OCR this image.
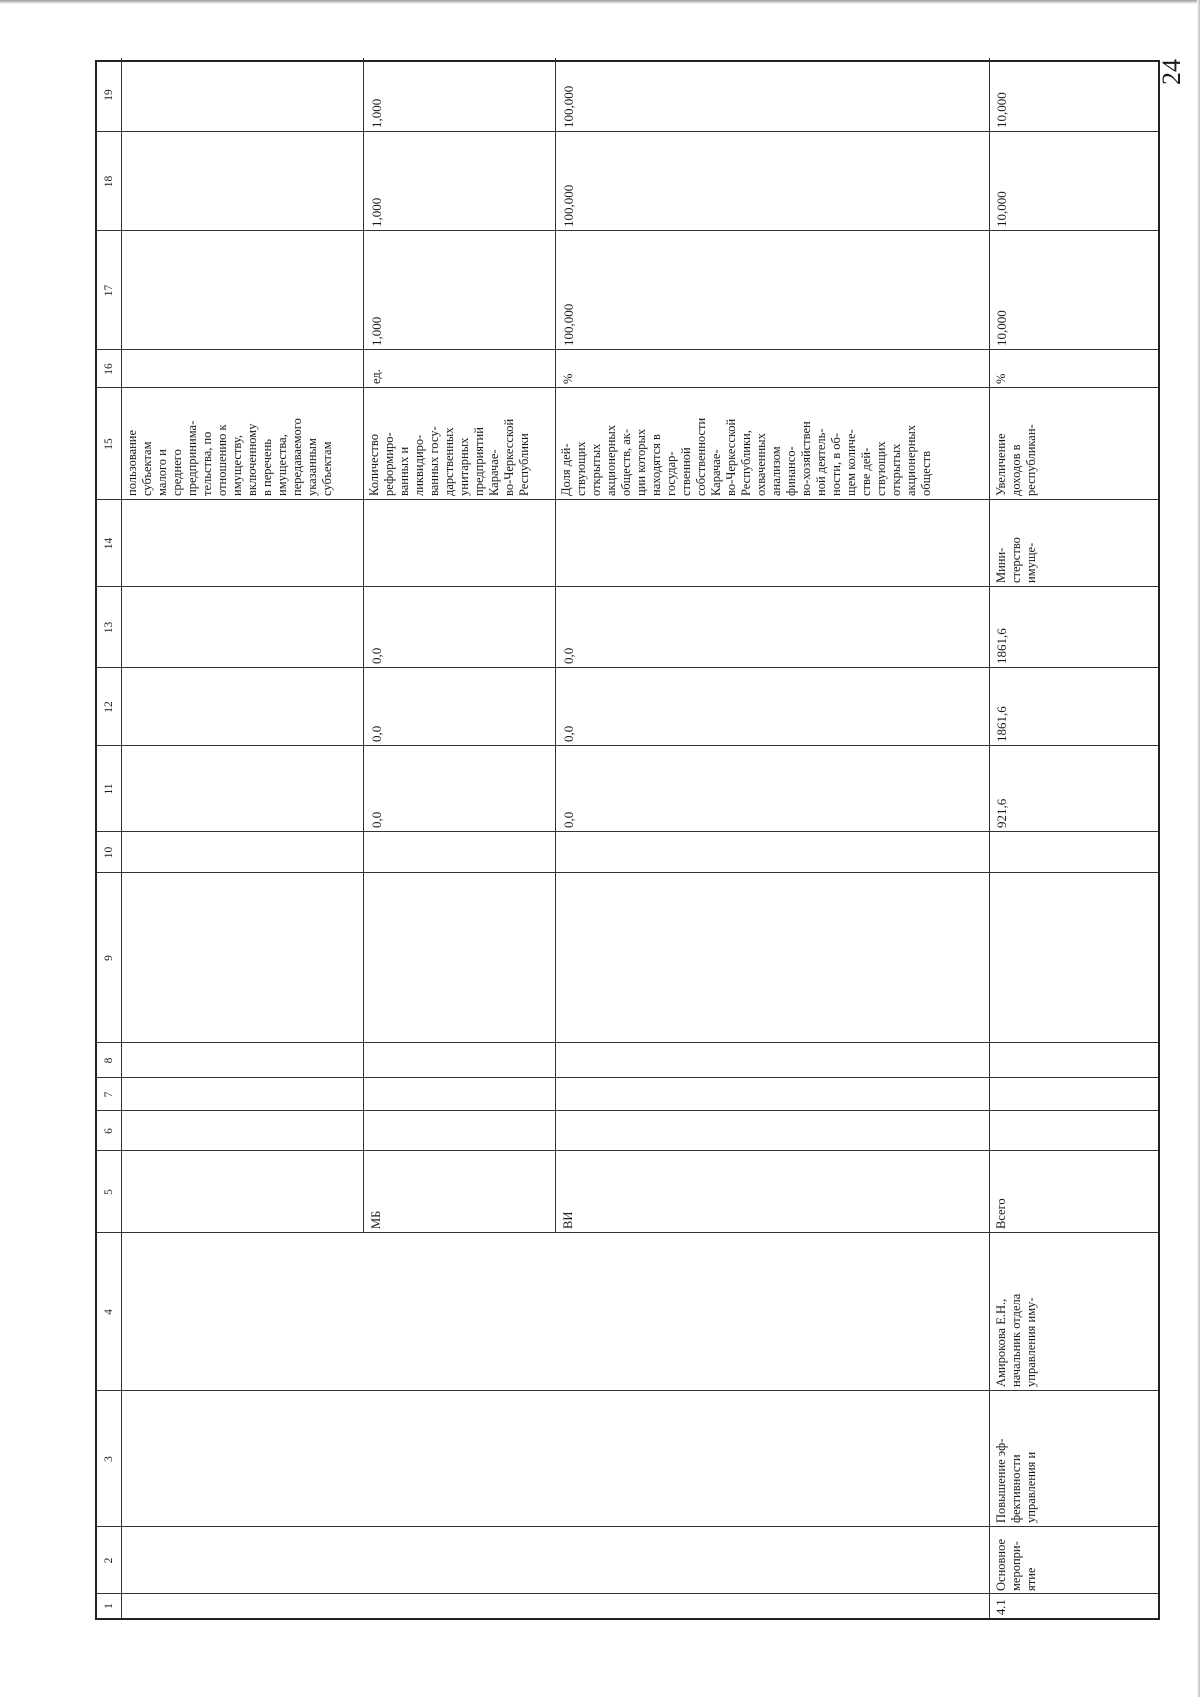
24
1
2
3
4
5
6
7
8
9
10
11
12
13
14
15
16
17
18
19
пользование
субъектам
малого и
среднего
предпринима-
тельства, по
отношению к
имуществу,
включенному
в перечень
имущества,
передаваемого
указанным
субъектам
МБ
0,0
0,0
0,0
Количество
реформиро-
ванных и
ликвидиро-
ванных госу-
дарственных
унитарных
предприятий
Карачае-
во-Черкесской
Республики
ед.
1,000
1,000
1,000
ВИ
0,0
0,0
0,0
Доля дей-
ствующих
открытых
акционерных
обществ, ак-
ции которых
находятся в
государ-
ственной
собственности
Карачае-
во-Черкесской
Республики,
охваченных
анализом
финансо-
во-хозяйствен
ной деятель-
ности, в об-
щем количе-
стве дей-
ствующих
открытых
акционерных
обществ
%
100,000
100,000
100,000
4.1
Основное
меропри-
ятие
Повышение эф-
фективности
управления и
Амирокова Е.Н.,
начальник отдела
управления иму-
Всего
921,6
1861,6
1861,6
Мини-
стерство
имуще-
Увеличение
доходов в
республикан-
%
10,000
10,000
10,000
